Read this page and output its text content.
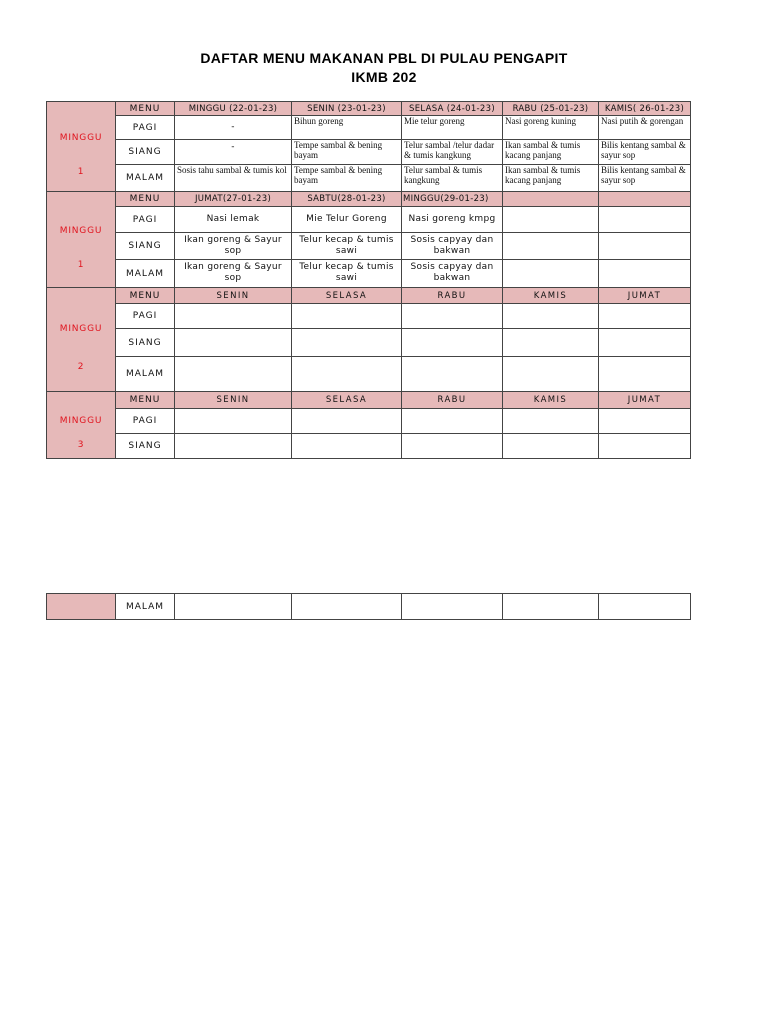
DAFTAR MENU MAKANAN PBL DI PULAU PENGAPIT
IKMB 202
MINGGU
1	MENU	MINGGU (22-01-23)	SENIN (23-01-23)	SELASA (24-01-23)	RABU (25-01-23)	KAMIS( 26-01-23)
	PAGI	-	Bihun goreng	Mie telur goreng	Nasi goreng kuning	Nasi putih & gorengan
	SIANG	-	Tempe sambal & bening bayam	Telur sambal /telur dadar & tumis kangkung	Ikan sambal & tumis kacang panjang	Bilis kentang sambal & sayur sop
	MALAM	Sosis tahu sambal & tumis kol	Tempe sambal & bening bayam	Telur sambal & tumis kangkung	Ikan sambal & tumis kacang panjang	Bilis kentang sambal & sayur sop

MINGGU
1	MENU	JUMAT(27-01-23)	SABTU(28-01-23)	MINGGU(29-01-23)		
	PAGI	Nasi lemak	Mie Telur Goreng	Nasi goreng kmpg		
	SIANG	Ikan goreng & Sayur sop	Telur kecap & tumis sawi	Sosis capyay dan bakwan		
	MALAM	Ikan goreng & Sayur sop	Telur kecap & tumis sawi	Sosis capyay dan bakwan		

MINGGU
2	MENU	SENIN	SELASA	RABU	KAMIS	JUMAT
	PAGI					
	SIANG					
	MALAM					

MINGGU
3	MENU	SENIN	SELASA	RABU	KAMIS	JUMAT
	PAGI					
	SIANG					
	MALAM					
